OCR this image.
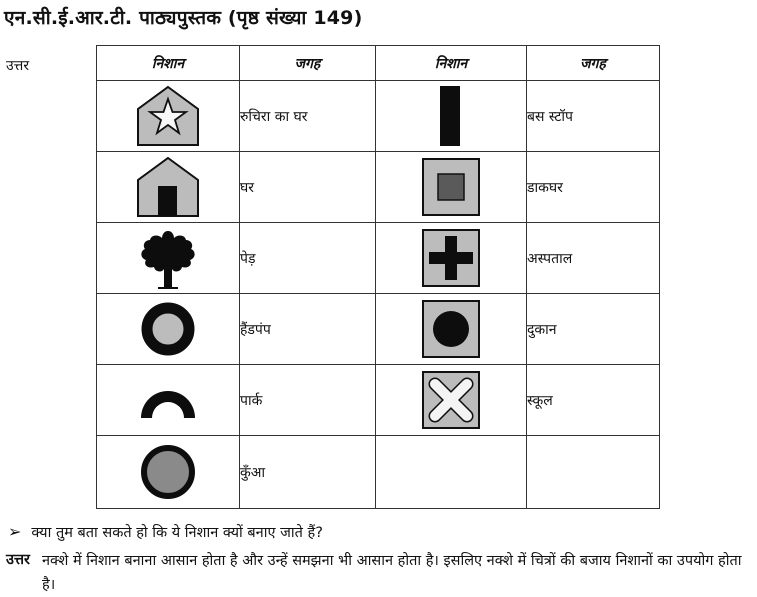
एन.सी.ई.आर.टी. पाठ्यपुस्तक (पृष्ठ संख्या 149)
उत्तर	निशान	जगह	निशान	जगह

	रुचिरा का घर		बस स्टॉप

	घर		डाकघर

	पेड़		अस्पताल

	हैंडपंप		दुकान

	पार्क		स्कूल

	कुँआ		
➢ क्या तुम बता सकते हो कि ये निशान क्यों बनाए जाते हैं?
उत्तर नक्शे में निशान बनाना आसान होता है और उन्हें समझना भी आसान होता है। इसलिए नक्शे में चित्रों की बजाय निशानों का उपयोग होता है।
